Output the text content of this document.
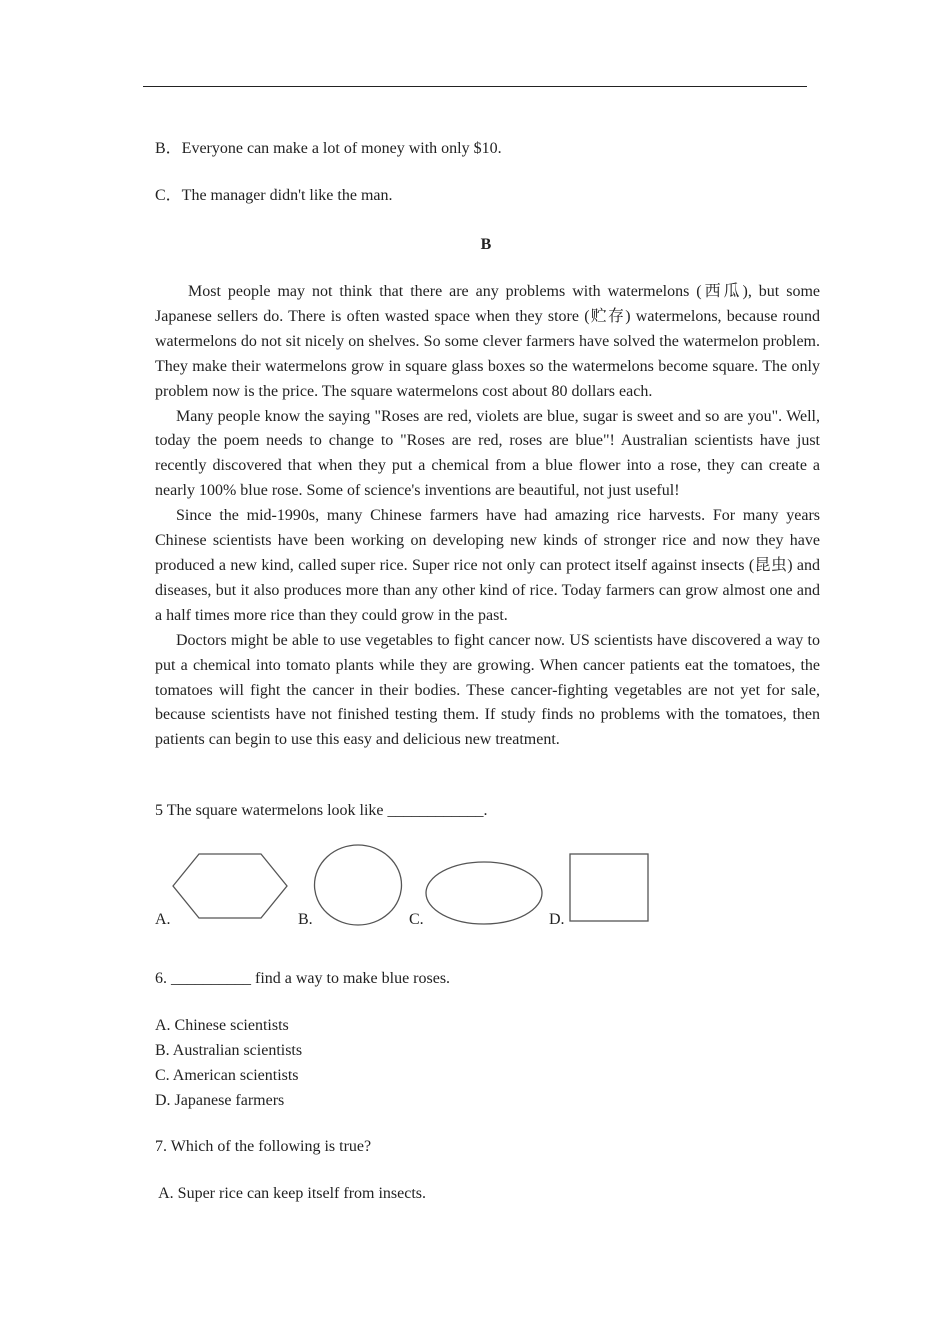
B．Everyone can make a lot of money with only $10.
C．The manager didn't like the man.
B

Most people may not think that there are any problems with watermelons (西瓜), but some Japanese sellers do. There is often wasted space when they store (贮存) watermelons, because round watermelons do not sit nicely on shelves. So some clever farmers have solved the watermelon problem. They make their watermelons grow in square glass boxes so the watermelons become square. The only problem now is the price. The square watermelons cost about 80 dollars each.

Many people know the saying "Roses are red, violets are blue, sugar is sweet and so are you". Well, today the poem needs to change to "Roses are red, roses are blue"! Australian scientists have just recently discovered that when they put a chemical from a blue flower into a rose, they can create a nearly 100% blue rose. Some of science's inventions are beautiful, not just useful!

Since the mid-1990s, many Chinese farmers have had amazing rice harvests. For many years Chinese scientists have been working on developing new kinds of stronger rice and now they have produced a new kind, called super rice. Super rice not only can protect itself against insects (昆虫) and diseases, but it also produces more than any other kind of rice. Today farmers can grow almost one and a half times more rice than they could grow in the past.

Doctors might be able to use vegetables to fight cancer now. US scientists have discovered a way to put a chemical into tomato plants while they are growing. When cancer patients eat the tomatoes, the tomatoes will fight the cancer in their bodies. These cancer-fighting vegetables are not yet for sale, because scientists have not finished testing them. If study finds no problems with the tomatoes, then patients can begin to use this easy and delicious new treatment.

5 The square watermelons look like ____________.
A.	B.	C.	D.
6. __________ find a way to make blue roses.
A. Chinese scientists
B. Australian scientists
C. American scientists
D. Japanese farmers
7. Which of the following is true?
A. Super rice can keep itself from insects.
